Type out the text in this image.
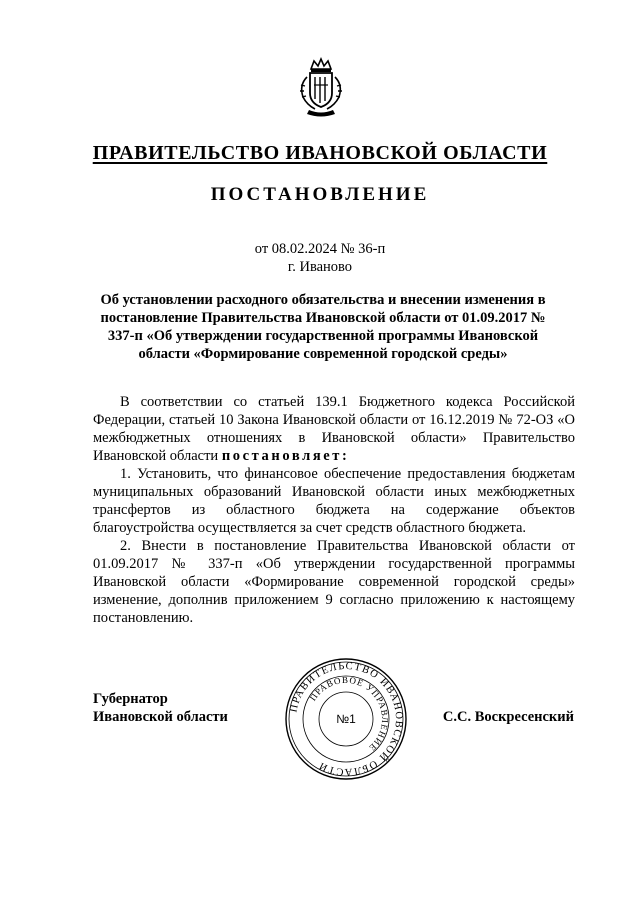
ПРАВИТЕЛЬСТВО ИВАНОВСКОЙ ОБЛАСТИ
ПОСТАНОВЛЕНИЕ
от 08.02.2024 № 36-п
г. Иваново
Об установлении расходного обязательства и внесении изменения в постановление Правительства Ивановской области от 01.09.2017 № 337-п «Об утверждении государственной программы Ивановской области «Формирование современной городской среды»

В соответствии со статьей 139.1 Бюджетного кодекса Российской Федерации, статьей 10 Закона Ивановской области от 16.12.2019 № 72-ОЗ «О межбюджетных отношениях в Ивановской области» Правительство Ивановской области постановляет:

1. Установить, что финансовое обеспечение предоставления бюджетам муниципальных образований Ивановской области иных межбюджетных трансфертов из областного бюджета на содержание объектов благоустройства осуществляется за счет средств областного бюджета.

2. Внести в постановление Правительства Ивановской области от 01.09.2017 № 337-п «Об утверждении государственной программы Ивановской области «Формирование современной городской среды» изменение, дополнив приложением 9 согласно приложению к настоящему постановлению.

Губернатор
Ивановской области
ПРАВИТЕЛЬСТВО ИВАНОВСКОЙ ОБЛАСТИ
ПРАВОВОЕ УПРАВЛЕНИЕ
№1	С.С. Воскресенский
